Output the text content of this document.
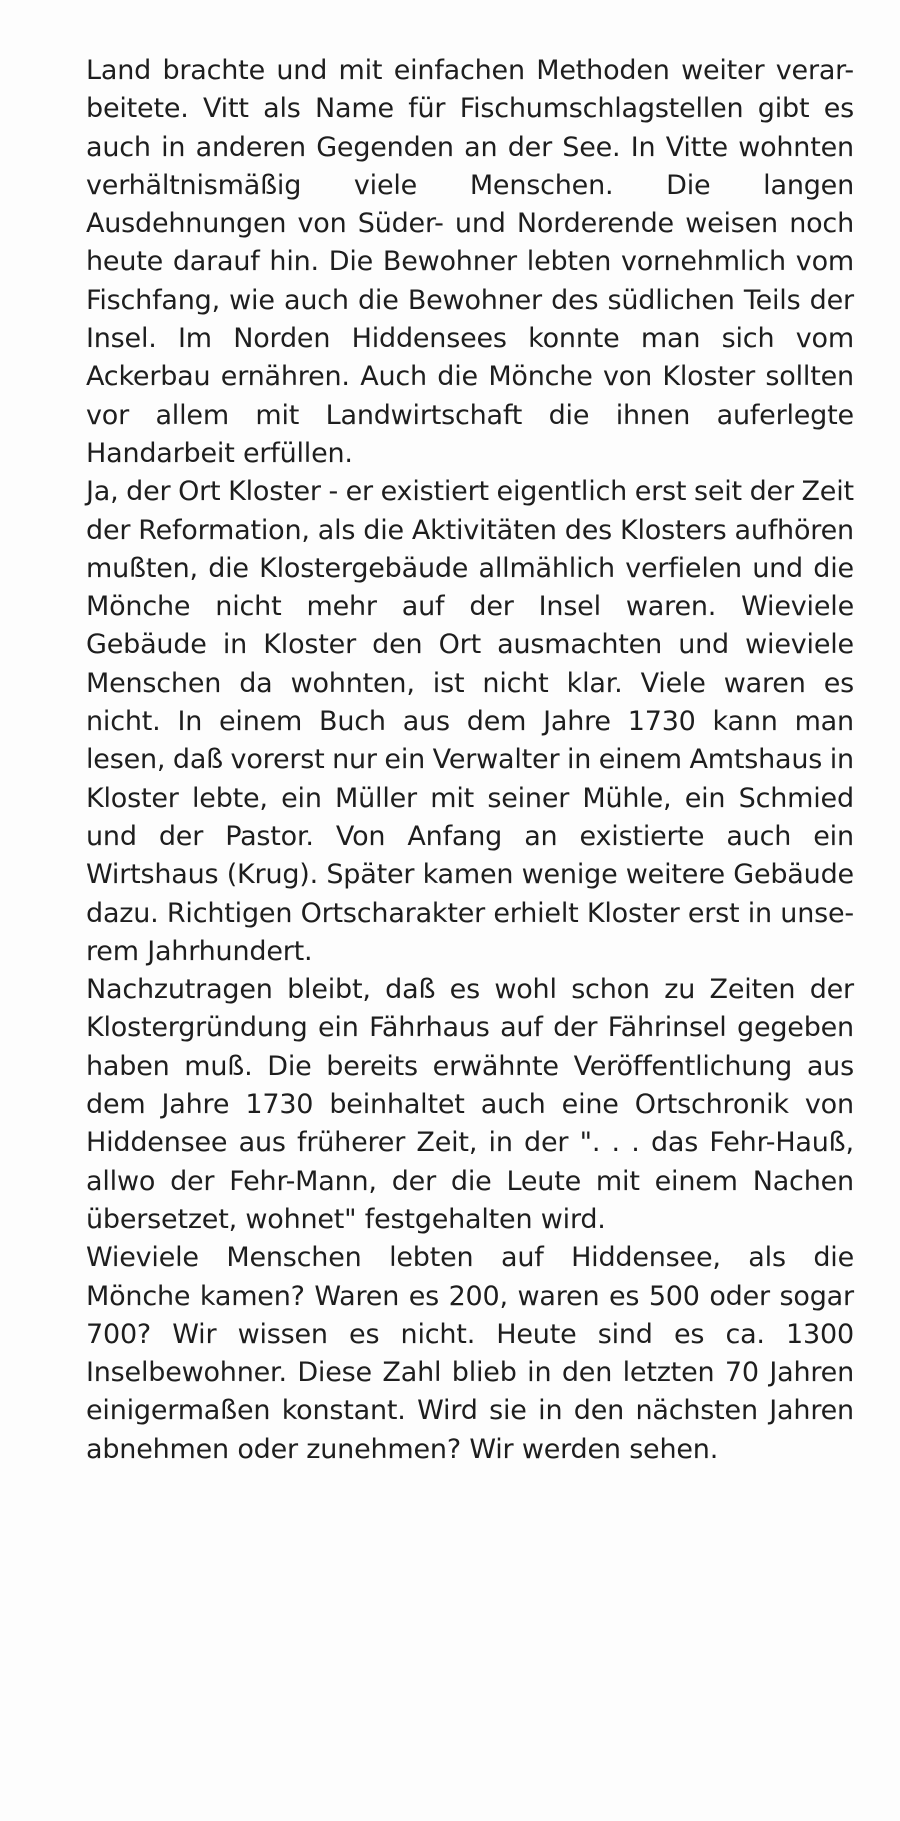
Land brachte und mit einfachen Methoden weiter verar-
beitete. Vitt als Name für Fischumschlagstellen gibt es
auch in anderen Gegenden an der See. In Vitte wohnten
verhältnismäßig viele Menschen. Die langen
Ausdehnungen von Süder- und Norderende weisen noch
heute darauf hin. Die Bewohner lebten vornehmlich vom
Fischfang, wie auch die Bewohner des südlichen Teils der
Insel. Im Norden Hiddensees konnte man sich vom
Ackerbau ernähren. Auch die Mönche von Kloster sollten
vor allem mit Landwirtschaft die ihnen auferlegte
Handarbeit erfüllen.
Ja, der Ort Kloster - er existiert eigentlich erst seit der Zeit
der Reformation, als die Aktivitäten des Klosters aufhören
mußten, die Klostergebäude allmählich verfielen und die
Mönche nicht mehr auf der Insel waren. Wieviele
Gebäude in Kloster den Ort ausmachten und wieviele
Menschen da wohnten, ist nicht klar. Viele waren es
nicht. In einem Buch aus dem Jahre 1730 kann man
lesen, daß vorerst nur ein Verwalter in einem Amtshaus in
Kloster lebte, ein Müller mit seiner Mühle, ein Schmied
und der Pastor. Von Anfang an existierte auch ein
Wirtshaus (Krug). Später kamen wenige weitere Gebäude
dazu. Richtigen Ortscharakter erhielt Kloster erst in unse-
rem Jahrhundert.
Nachzutragen bleibt, daß es wohl schon zu Zeiten der
Klostergründung ein Fährhaus auf der Fährinsel gegeben
haben muß. Die bereits erwähnte Veröffentlichung aus
dem Jahre 1730 beinhaltet auch eine Ortschronik von
Hiddensee aus früherer Zeit, in der ". . . das Fehr-Hauß,
allwo der Fehr-Mann, der die Leute mit einem Nachen
übersetzet, wohnet" festgehalten wird.
Wieviele Menschen lebten auf Hiddensee, als die
Mönche kamen? Waren es 200, waren es 500 oder sogar
700? Wir wissen es nicht. Heute sind es ca. 1300
Inselbewohner. Diese Zahl blieb in den letzten 70 Jahren
einigermaßen konstant. Wird sie in den nächsten Jahren
abnehmen oder zunehmen? Wir werden sehen.
